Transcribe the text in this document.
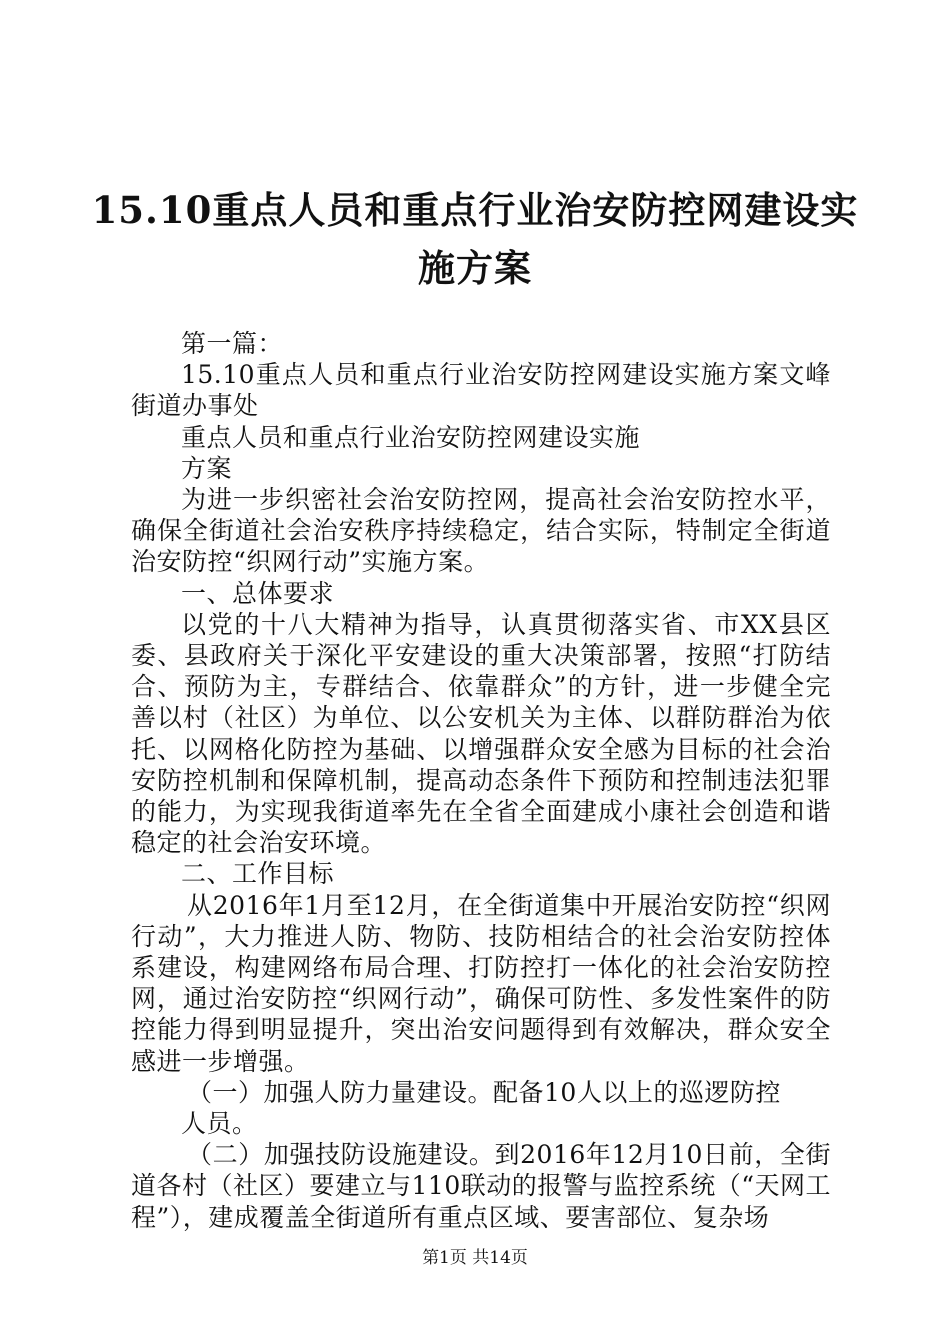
15.10重点人员和重点行业治安防控网建设实
施方案

第一篇：

15.10重点人员和重点行业治安防控网建设实施方案文峰街道办事处

重点人员和重点行业治安防控网建设实施

方案

为进一步织密社会治安防控网，提高社会治安防控水平，确保全街道社会治安秩序持续稳定，结合实际，特制定全街道治安防控“织网行动”实施方案。

一、总体要求

以党的十八大精神为指导，认真贯彻落实省、市XX县区委、县政府关于深化平安建设的重大决策部署，按照“打防结合、预防为主，专群结合、依靠群众”的方针，进一步健全完善以村（社区）为单位、以公安机关为主体、以群防群治为依托、以网格化防控为基础、以增强群众安全感为目标的社会治安防控机制和保障机制，提高动态条件下预防和控制违法犯罪的能力，为实现我街道率先在全省全面建成小康社会创造和谐稳定的社会治安环境。

二、工作目标

从2016年1月至12月，在全街道集中开展治安防控“织网行动”，大力推进人防、物防、技防相结合的社会治安防控体系建设，构建网络布局合理、打防控打一体化的社会治安防控网，通过治安防控“织网行动”，确保可防性、多发性案件的防控能力得到明显提升，突出治安问题得到有效解决，群众安全感进一步增强。

（一）加强人防力量建设。配备10人以上的巡逻防控

人员。

（二）加强技防设施建设。到2016年12月10日前，全街道各村（社区）要建立与110联动的报警与监控系统（“天网工程”），建成覆盖全街道所有重点区域、要害部位、复杂场

第1页 共14页
